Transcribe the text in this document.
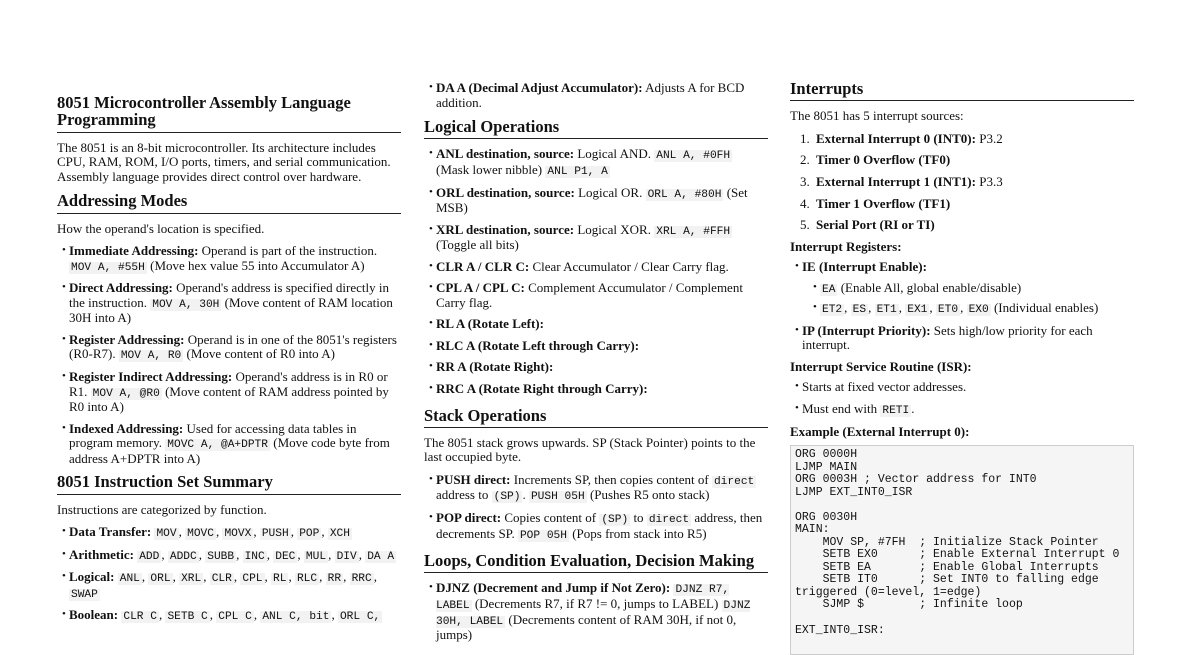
8051 Microcontroller Assembly Language Programming

The 8051 is an 8-bit microcontroller. Its architecture includes CPU, RAM, ROM, I/O ports, timers, and serial communication. Assembly language provides direct control over hardware.

Addressing Modes

How the operand's location is specified.

• Immediate Addressing: Operand is part of the instruction. MOV A, #55H (Move hex value 55 into Accumulator A)
• Direct Addressing: Operand's address is specified directly in the instruction. MOV A, 30H (Move content of RAM location 30H into A)
• Register Addressing: Operand is in one of the 8051's registers (R0-R7). MOV A, R0 (Move content of R0 into A)
• Register Indirect Addressing: Operand's address is in R0 or R1. MOV A, @R0 (Move content of RAM address pointed by R0 into A)
• Indexed Addressing: Used for accessing data tables in program memory. MOVC A, @A+DPTR (Move code byte from address A+DPTR into A)
8051 Instruction Set Summary

Instructions are categorized by function.

• Data Transfer: MOV , MOVC , MOVX , PUSH , POP , XCH
• Arithmetic: ADD , ADDC , SUBB , INC , DEC , MUL , DIV , DA A
• Logical: ANL , ORL , XRL , CLR , CPL , RL , RLC , RR , RRC , SWAP
• Boolean: CLR C , SETB C , CPL C , ANL C, bit , ORL C,
• DA A (Decimal Adjust Accumulator): Adjusts A for BCD addition.
Logical Operations
• ANL destination, source: Logical AND. ANL A, #0FH (Mask lower nibble) ANL P1, A
• ORL destination, source: Logical OR. ORL A, #80H (Set MSB)
• XRL destination, source: Logical XOR. XRL A, #FFH (Toggle all bits)
• CLR A / CLR C: Clear Accumulator / Clear Carry flag.
• CPL A / CPL C: Complement Accumulator / Complement Carry flag.
• RL A (Rotate Left):
• RLC A (Rotate Left through Carry):
• RR A (Rotate Right):
• RRC A (Rotate Right through Carry):
Stack Operations

The 8051 stack grows upwards. SP (Stack Pointer) points to the last occupied byte.

• PUSH direct: Increments SP, then copies content of direct address to (SP) . PUSH 05H (Pushes R5 onto stack)
• POP direct: Copies content of (SP) to direct address, then decrements SP. POP 05H (Pops from stack into R5)
Loops, Condition Evaluation, Decision Making
• DJNZ (Decrement and Jump if Not Zero): DJNZ R7, LABEL (Decrements R7, if R7 != 0, jumps to LABEL) DJNZ 30H, LABEL (Decrements content of RAM 30H, if not 0, jumps)
Interrupts

The 8051 has 5 interrupt sources:

1. External Interrupt 0 (INT0): P3.2
2. Timer 0 Overflow (TF0)
3. External Interrupt 1 (INT1): P3.3
4. Timer 1 Overflow (TF1)
5. Serial Port (RI or TI)
Interrupt Registers:
• IE (Interrupt Enable):
• EA (Enable All, global enable/disable)
• ET2 , ES , ET1 , EX1 , ET0 , EX0 (Individual enables)
• IP (Interrupt Priority): Sets high/low priority for each interrupt.
Interrupt Service Routine (ISR):
• Starts at fixed vector addresses.
• Must end with RETI .
Example (External Interrupt 0):
ORG 0000H
LJMP MAIN
ORG 0003H ; Vector address for INT0
LJMP EXT_INT0_ISR

ORG 0030H
MAIN:
MOV SP, #7FH  ; Initialize Stack Pointer
SETB EX0      ; Enable External Interrupt 0
SETB EA       ; Enable Global Interrupts
SETB IT0      ; Set INT0 to falling edge triggered (0=level, 1=edge)
SJMP $        ; Infinite loop

EXT_INT0_ISR:
